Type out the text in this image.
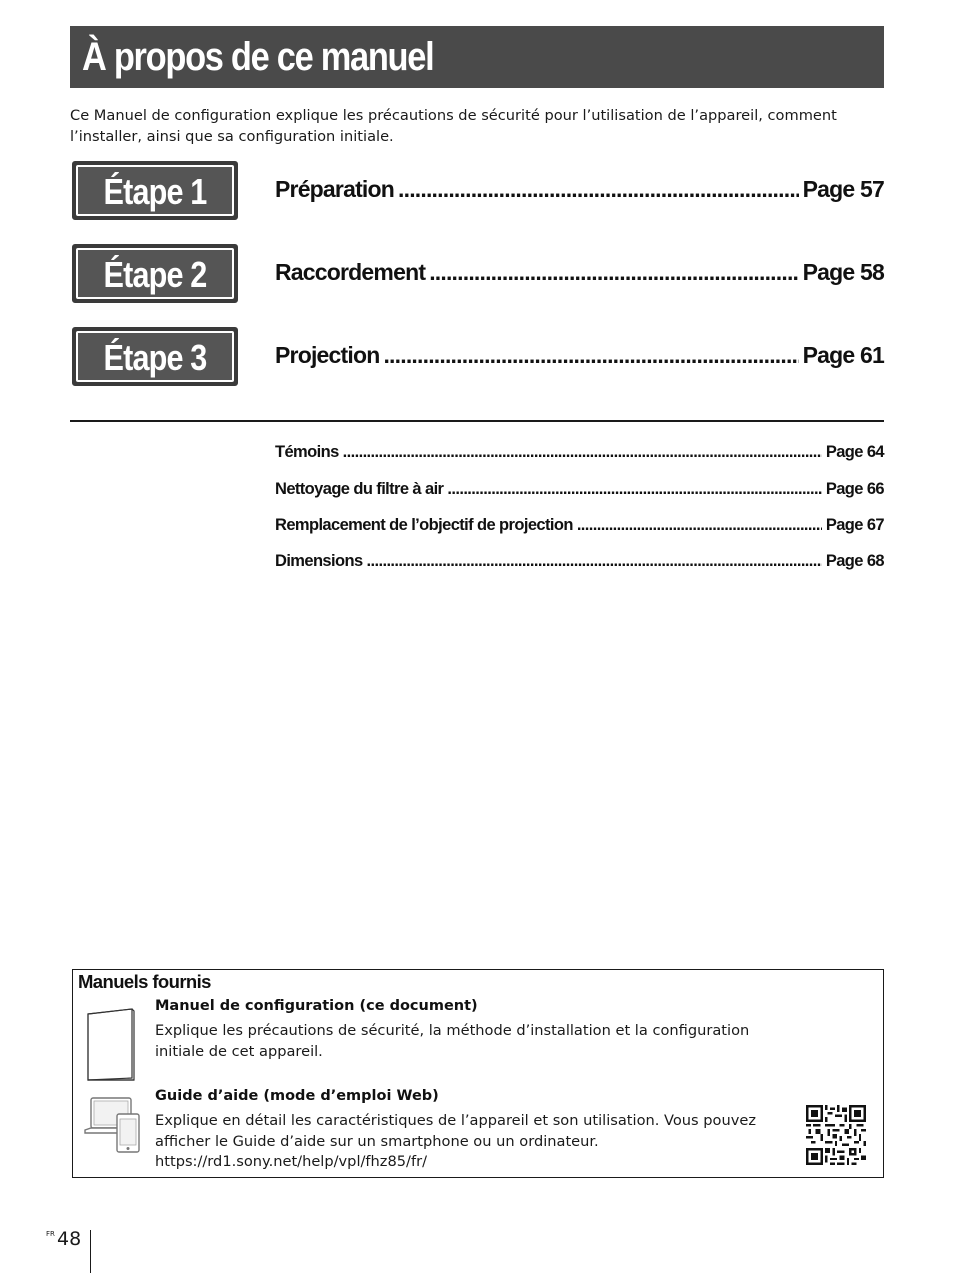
À propos de ce manuel

Ce Manuel de configuration explique les précautions de sécurité pour l’utilisation de l’appareil, comment l’installer, ainsi que sa configuration initiale.

Étape 1	Préparation .....	Page 57
Étape 2	Raccordement .....	Page 58
Étape 3	Projection .....	Page 61
Témoins .....	Page 64
Nettoyage du filtre à air .....	Page 66
Remplacement de l’objectif de projection .....	Page 67
Dimensions .....	Page 68

Manuels fournis

Manuel de configuration (ce document)

Explique les précautions de sécurité, la méthode d’installation et la configuration initiale de cet appareil.

Guide d’aide (mode d’emploi Web)

Explique en détail les caractéristiques de l’appareil et son utilisation. Vous pouvez afficher le Guide d’aide sur un smartphone ou un ordinateur.

https://rd1.sony.net/help/vpl/fhz85/fr/

FR 48
